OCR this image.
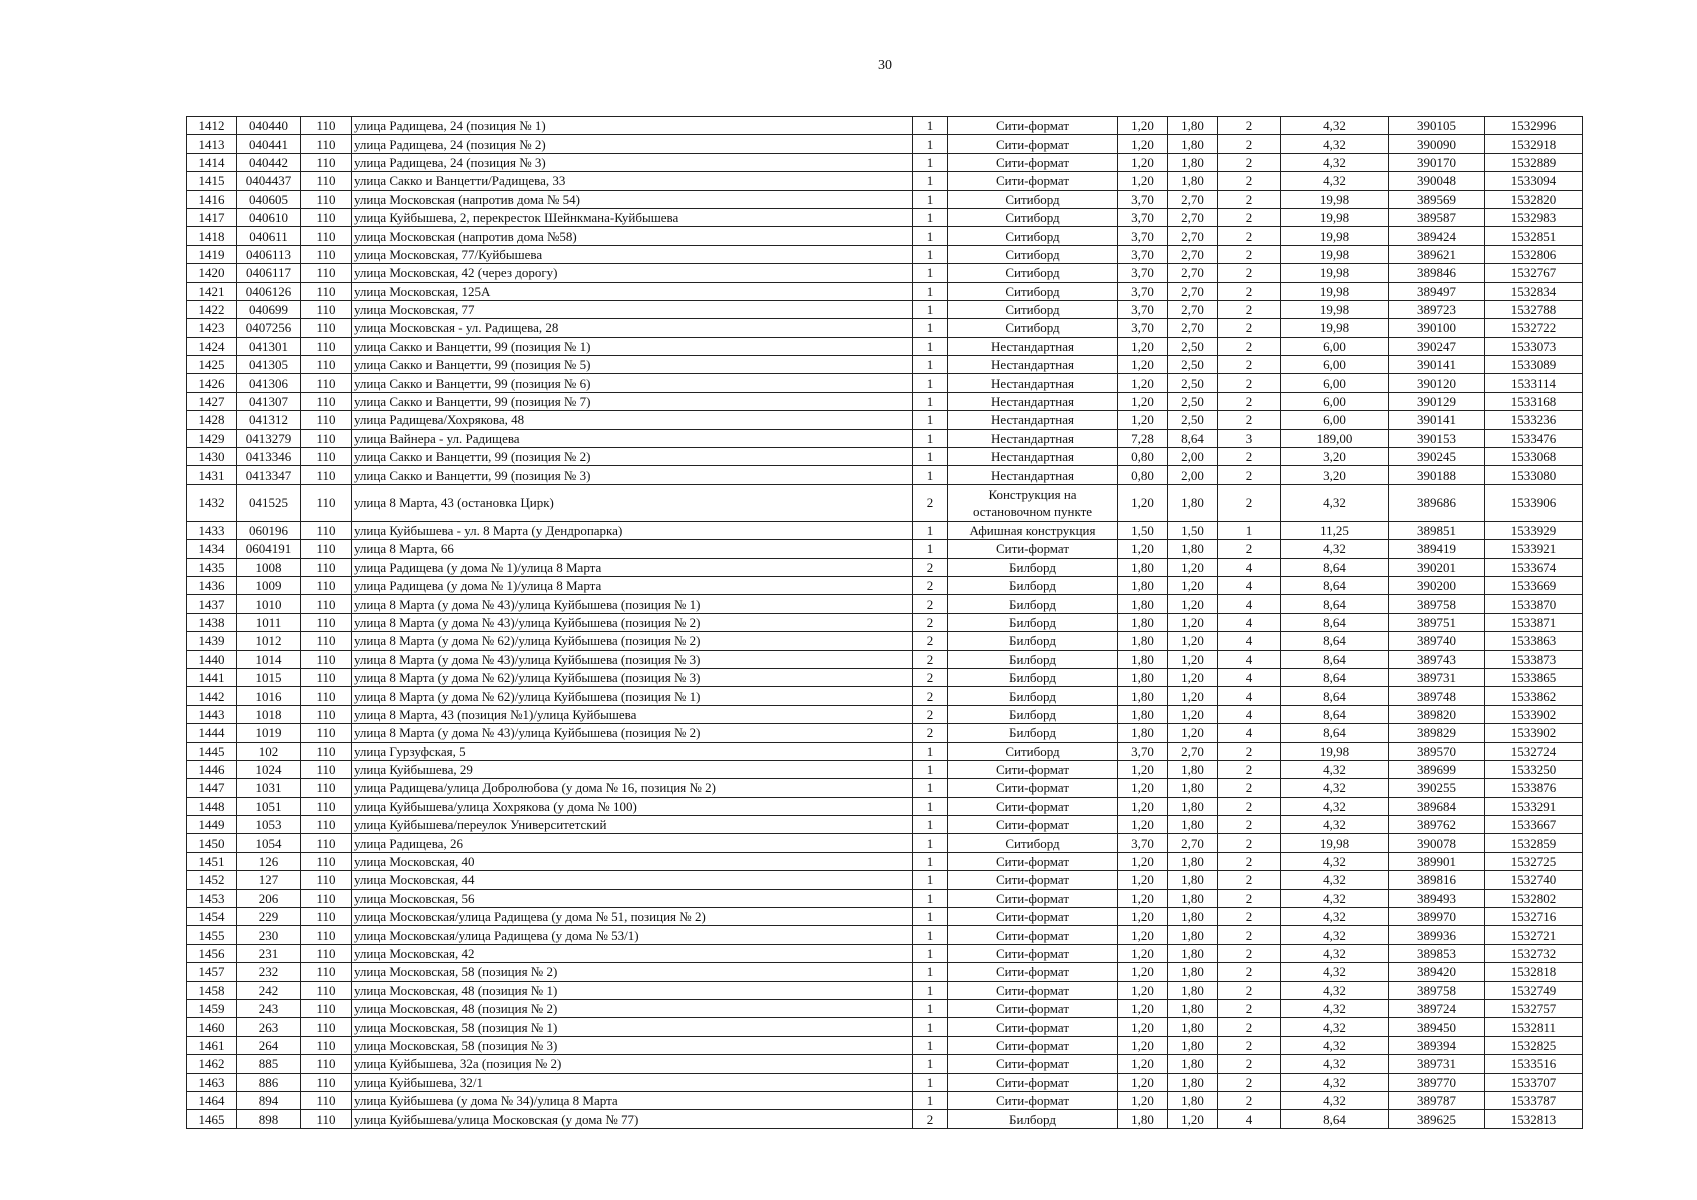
30
1412	040440	110	улица Радищева, 24 (позиция № 1)	1	Сити-формат	1,20	1,80	2	4,32	390105	1532996
1413	040441	110	улица Радищева, 24 (позиция № 2)	1	Сити-формат	1,20	1,80	2	4,32	390090	1532918
1414	040442	110	улица Радищева, 24 (позиция № 3)	1	Сити-формат	1,20	1,80	2	4,32	390170	1532889
1415	0404437	110	улица Сакко и Ванцетти/Радищева, 33	1	Сити-формат	1,20	1,80	2	4,32	390048	1533094
1416	040605	110	улица Московская (напротив дома № 54)	1	Ситиборд	3,70	2,70	2	19,98	389569	1532820
1417	040610	110	улица Куйбышева, 2, перекресток Шейнкмана-Куйбышева	1	Ситиборд	3,70	2,70	2	19,98	389587	1532983
1418	040611	110	улица Московская (напротив дома №58)	1	Ситиборд	3,70	2,70	2	19,98	389424	1532851
1419	0406113	110	улица Московская, 77/Куйбышева	1	Ситиборд	3,70	2,70	2	19,98	389621	1532806
1420	0406117	110	улица Московская, 42 (через дорогу)	1	Ситиборд	3,70	2,70	2	19,98	389846	1532767
1421	0406126	110	улица Московская, 125А	1	Ситиборд	3,70	2,70	2	19,98	389497	1532834
1422	040699	110	улица Московская, 77	1	Ситиборд	3,70	2,70	2	19,98	389723	1532788
1423	0407256	110	улица Московская - ул. Радищева, 28	1	Ситиборд	3,70	2,70	2	19,98	390100	1532722
1424	041301	110	улица Сакко и Ванцетти, 99 (позиция № 1)	1	Нестандартная	1,20	2,50	2	6,00	390247	1533073
1425	041305	110	улица Сакко и Ванцетти, 99 (позиция № 5)	1	Нестандартная	1,20	2,50	2	6,00	390141	1533089
1426	041306	110	улица Сакко и Ванцетти, 99 (позиция № 6)	1	Нестандартная	1,20	2,50	2	6,00	390120	1533114
1427	041307	110	улица Сакко и Ванцетти, 99 (позиция № 7)	1	Нестандартная	1,20	2,50	2	6,00	390129	1533168
1428	041312	110	улица Радищева/Хохрякова, 48	1	Нестандартная	1,20	2,50	2	6,00	390141	1533236
1429	0413279	110	улица Вайнера - ул. Радищева	1	Нестандартная	7,28	8,64	3	189,00	390153	1533476
1430	0413346	110	улица Сакко и Ванцетти, 99 (позиция № 2)	1	Нестандартная	0,80	2,00	2	3,20	390245	1533068
1431	0413347	110	улица Сакко и Ванцетти, 99 (позиция № 3)	1	Нестандартная	0,80	2,00	2	3,20	390188	1533080
1432	041525	110	улица 8 Марта, 43 (остановка Цирк)	2	Конструкция на остановочном пункте	1,20	1,80	2	4,32	389686	1533906
1433	060196	110	улица Куйбышева - ул. 8 Марта (у Дендропарка)	1	Афишная конструкция	1,50	1,50	1	11,25	389851	1533929
1434	0604191	110	улица 8 Марта, 66	1	Сити-формат	1,20	1,80	2	4,32	389419	1533921
1435	1008	110	улица Радищева (у дома № 1)/улица 8 Марта	2	Билборд	1,80	1,20	4	8,64	390201	1533674
1436	1009	110	улица Радищева (у дома № 1)/улица 8 Марта	2	Билборд	1,80	1,20	4	8,64	390200	1533669
1437	1010	110	улица 8 Марта (у дома № 43)/улица Куйбышева (позиция № 1)	2	Билборд	1,80	1,20	4	8,64	389758	1533870
1438	1011	110	улица 8 Марта (у дома № 43)/улица Куйбышева (позиция № 2)	2	Билборд	1,80	1,20	4	8,64	389751	1533871
1439	1012	110	улица 8 Марта (у дома № 62)/улица Куйбышева (позиция № 2)	2	Билборд	1,80	1,20	4	8,64	389740	1533863
1440	1014	110	улица 8 Марта (у дома № 43)/улица Куйбышева (позиция № 3)	2	Билборд	1,80	1,20	4	8,64	389743	1533873
1441	1015	110	улица 8 Марта (у дома № 62)/улица Куйбышева (позиция № 3)	2	Билборд	1,80	1,20	4	8,64	389731	1533865
1442	1016	110	улица 8 Марта (у дома № 62)/улица Куйбышева (позиция № 1)	2	Билборд	1,80	1,20	4	8,64	389748	1533862
1443	1018	110	улица 8 Марта, 43 (позиция №1)/улица Куйбышева	2	Билборд	1,80	1,20	4	8,64	389820	1533902
1444	1019	110	улица 8 Марта (у дома № 43)/улица Куйбышева (позиция № 2)	2	Билборд	1,80	1,20	4	8,64	389829	1533902
1445	102	110	улица Гурзуфская, 5	1	Ситиборд	3,70	2,70	2	19,98	389570	1532724
1446	1024	110	улица Куйбышева, 29	1	Сити-формат	1,20	1,80	2	4,32	389699	1533250
1447	1031	110	улица Радищева/улица Добролюбова (у дома № 16, позиция № 2)	1	Сити-формат	1,20	1,80	2	4,32	390255	1533876
1448	1051	110	улица Куйбышева/улица Хохрякова (у дома № 100)	1	Сити-формат	1,20	1,80	2	4,32	389684	1533291
1449	1053	110	улица Куйбышева/переулок Университетский	1	Сити-формат	1,20	1,80	2	4,32	389762	1533667
1450	1054	110	улица Радищева, 26	1	Ситиборд	3,70	2,70	2	19,98	390078	1532859
1451	126	110	улица Московская, 40	1	Сити-формат	1,20	1,80	2	4,32	389901	1532725
1452	127	110	улица Московская, 44	1	Сити-формат	1,20	1,80	2	4,32	389816	1532740
1453	206	110	улица Московская, 56	1	Сити-формат	1,20	1,80	2	4,32	389493	1532802
1454	229	110	улица Московская/улица Радищева (у дома № 51, позиция № 2)	1	Сити-формат	1,20	1,80	2	4,32	389970	1532716
1455	230	110	улица Московская/улица Радищева (у дома № 53/1)	1	Сити-формат	1,20	1,80	2	4,32	389936	1532721
1456	231	110	улица Московская, 42	1	Сити-формат	1,20	1,80	2	4,32	389853	1532732
1457	232	110	улица Московская, 58 (позиция № 2)	1	Сити-формат	1,20	1,80	2	4,32	389420	1532818
1458	242	110	улица Московская, 48 (позиция № 1)	1	Сити-формат	1,20	1,80	2	4,32	389758	1532749
1459	243	110	улица Московская, 48 (позиция № 2)	1	Сити-формат	1,20	1,80	2	4,32	389724	1532757
1460	263	110	улица Московская, 58 (позиция № 1)	1	Сити-формат	1,20	1,80	2	4,32	389450	1532811
1461	264	110	улица Московская, 58 (позиция № 3)	1	Сити-формат	1,20	1,80	2	4,32	389394	1532825
1462	885	110	улица Куйбышева, 32а (позиция № 2)	1	Сити-формат	1,20	1,80	2	4,32	389731	1533516
1463	886	110	улица Куйбышева, 32/1	1	Сити-формат	1,20	1,80	2	4,32	389770	1533707
1464	894	110	улица Куйбышева (у дома № 34)/улица 8 Марта	1	Сити-формат	1,20	1,80	2	4,32	389787	1533787
1465	898	110	улица Куйбышева/улица Московская (у дома № 77)	2	Билборд	1,80	1,20	4	8,64	389625	1532813
